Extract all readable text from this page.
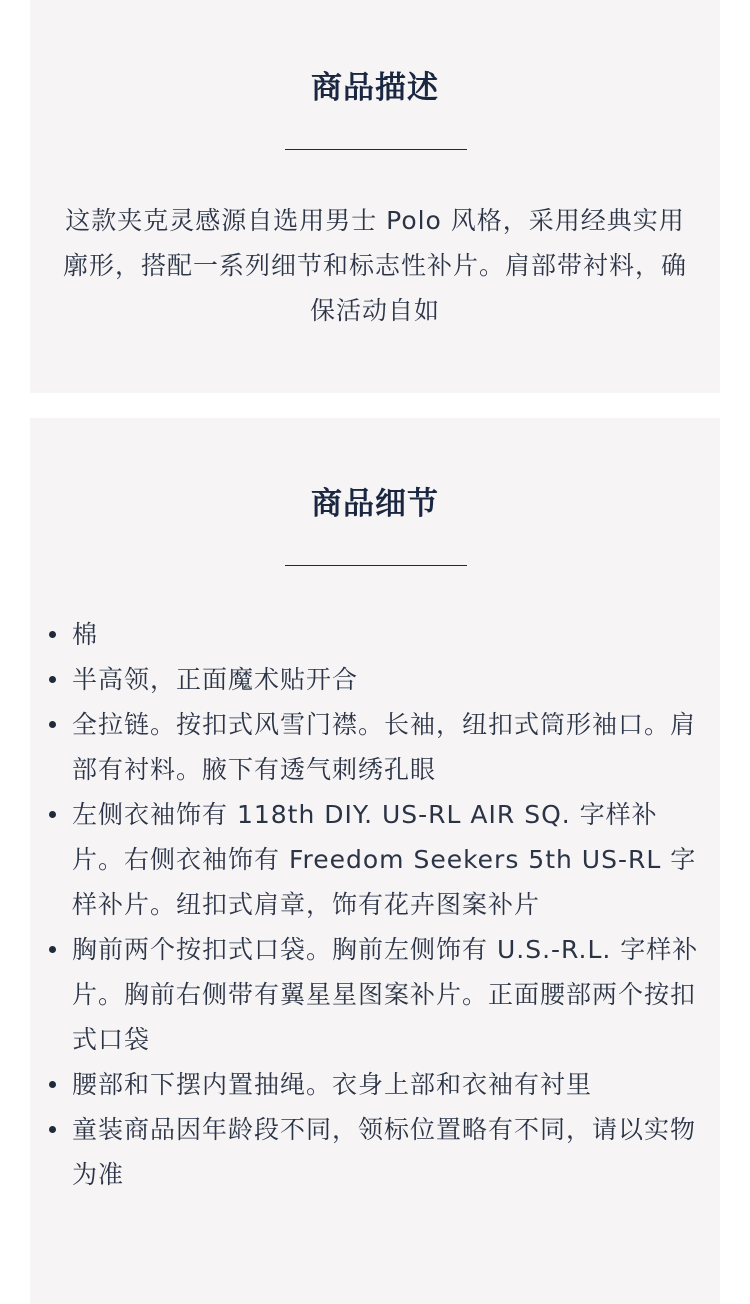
商品描述
这款夹克灵感源自选用男士 Polo 风格，采用经典实用廓形，搭配一系列细节和标志性补片。肩部带衬料，确保活动自如
商品细节
棉
半高领，正面魔术贴开合
全拉链。按扣式风雪门襟。长袖，纽扣式筒形袖口。肩部有衬料。腋下有透气刺绣孔眼
左侧衣袖饰有 118th DIY. US-RL AIR SQ. 字样补片。右侧衣袖饰有 Freedom Seekers 5th US-RL 字样补片。纽扣式肩章，饰有花卉图案补片
胸前两个按扣式口袋。胸前左侧饰有 U.S.-R.L. 字样补片。胸前右侧带有翼星星图案补片。正面腰部两个按扣式口袋
腰部和下摆内置抽绳。衣身上部和衣袖有衬里
童装商品因年龄段不同，领标位置略有不同，请以实物为准
